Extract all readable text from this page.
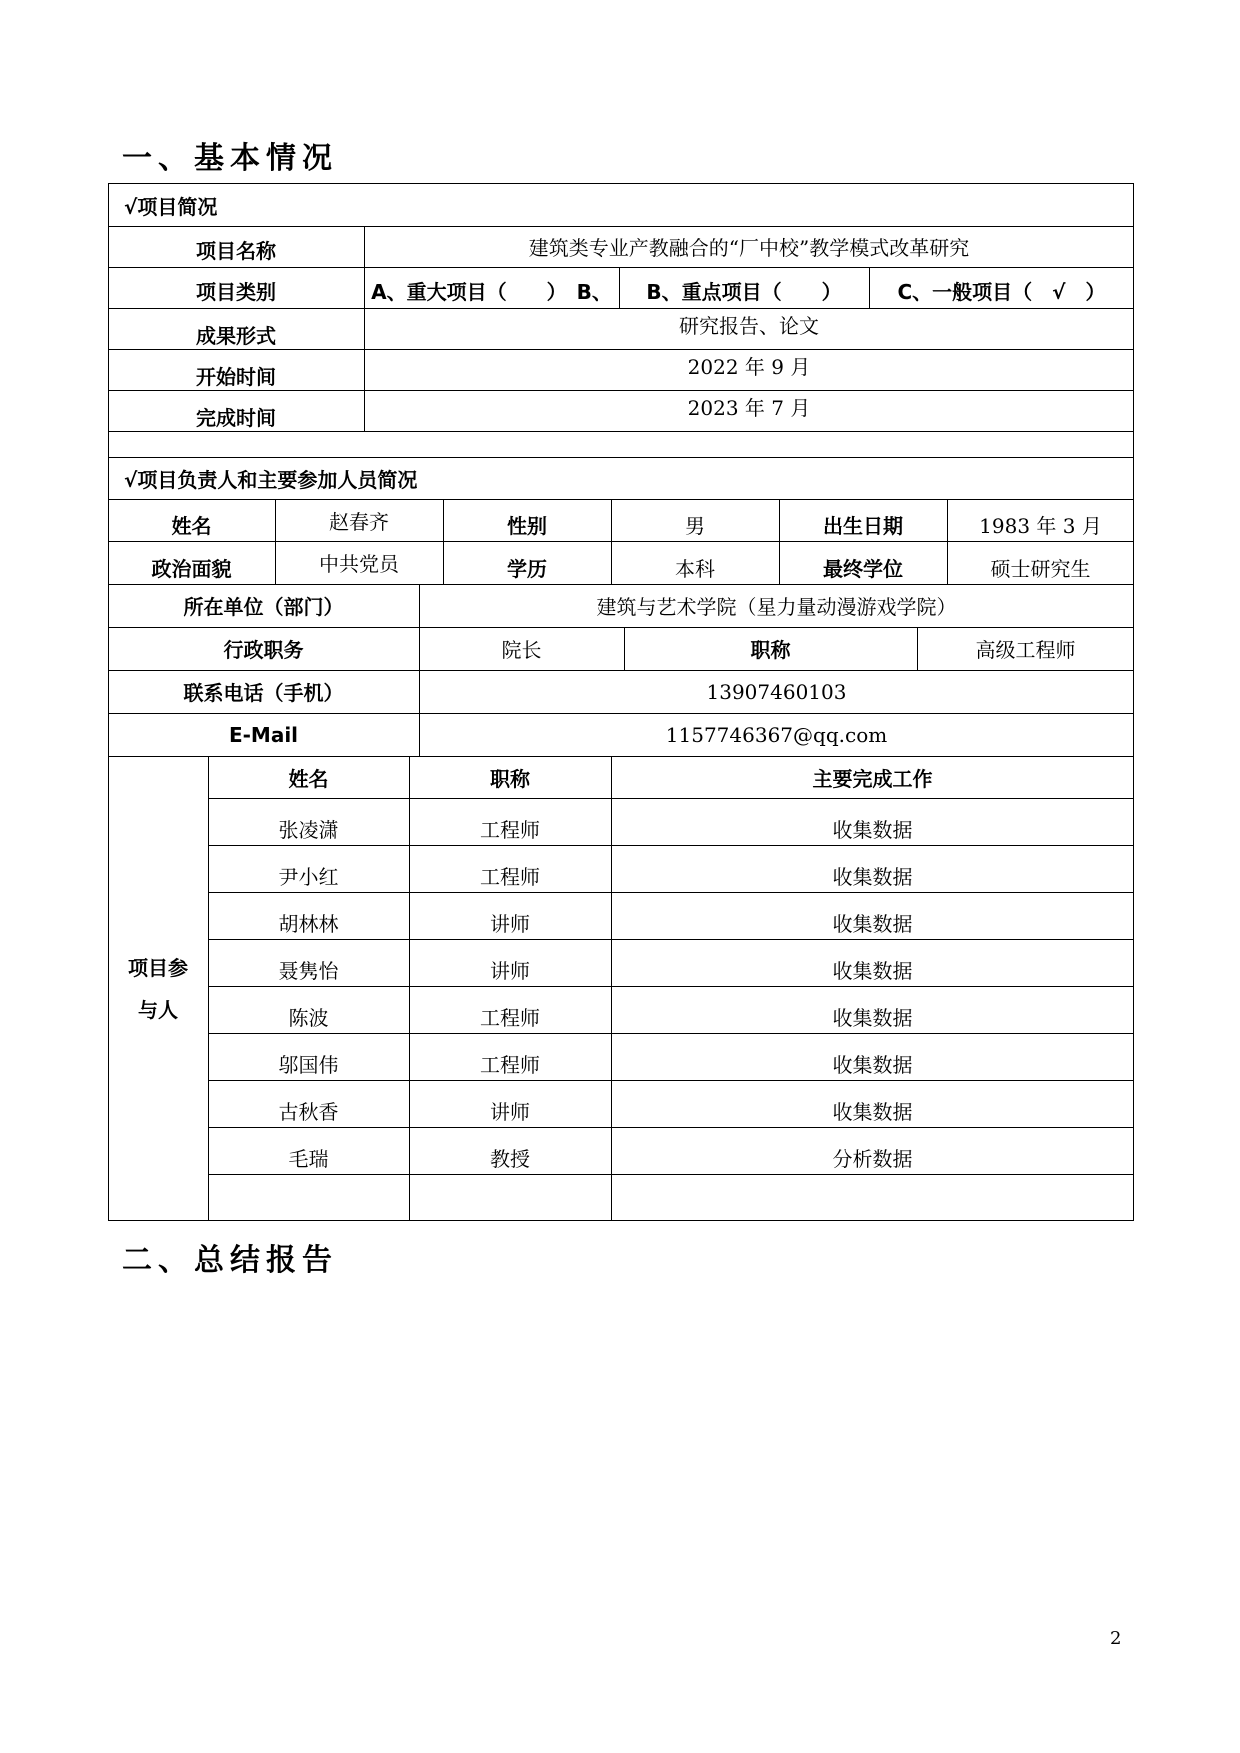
一、基本情况
√项目简况
项目名称	建筑类专业产教融合的“厂中校”教学模式改革研究
项目类别	A、重大项目（　　）　B、	B、重点项目（　　）	C、一般项目（　√　）
成果形式	研究报告、论文
开始时间	2022 年 9 月
完成时间	2023 年 7 月
√项目负责人和主要参加人员简况
姓名	赵春齐	性别	男	出生日期	1983 年 3 月
政治面貌	中共党员	学历	本科	最终学位	硕士研究生
所在单位（部门）	建筑与艺术学院（星力量动漫游戏学院）
行政职务	院长	职称	高级工程师
联系电话（手机）	13907460103
E-Mail	1157746367@qq.com
项目参
与人
姓名	职称	主要完成工作
张凌潇	工程师	收集数据
尹小红	工程师	收集数据
胡林林	讲师	收集数据
聂隽怡	讲师	收集数据
陈波	工程师	收集数据
邬国伟	工程师	收集数据
古秋香	讲师	收集数据
毛瑞	教授	分析数据
二、总结报告
2
